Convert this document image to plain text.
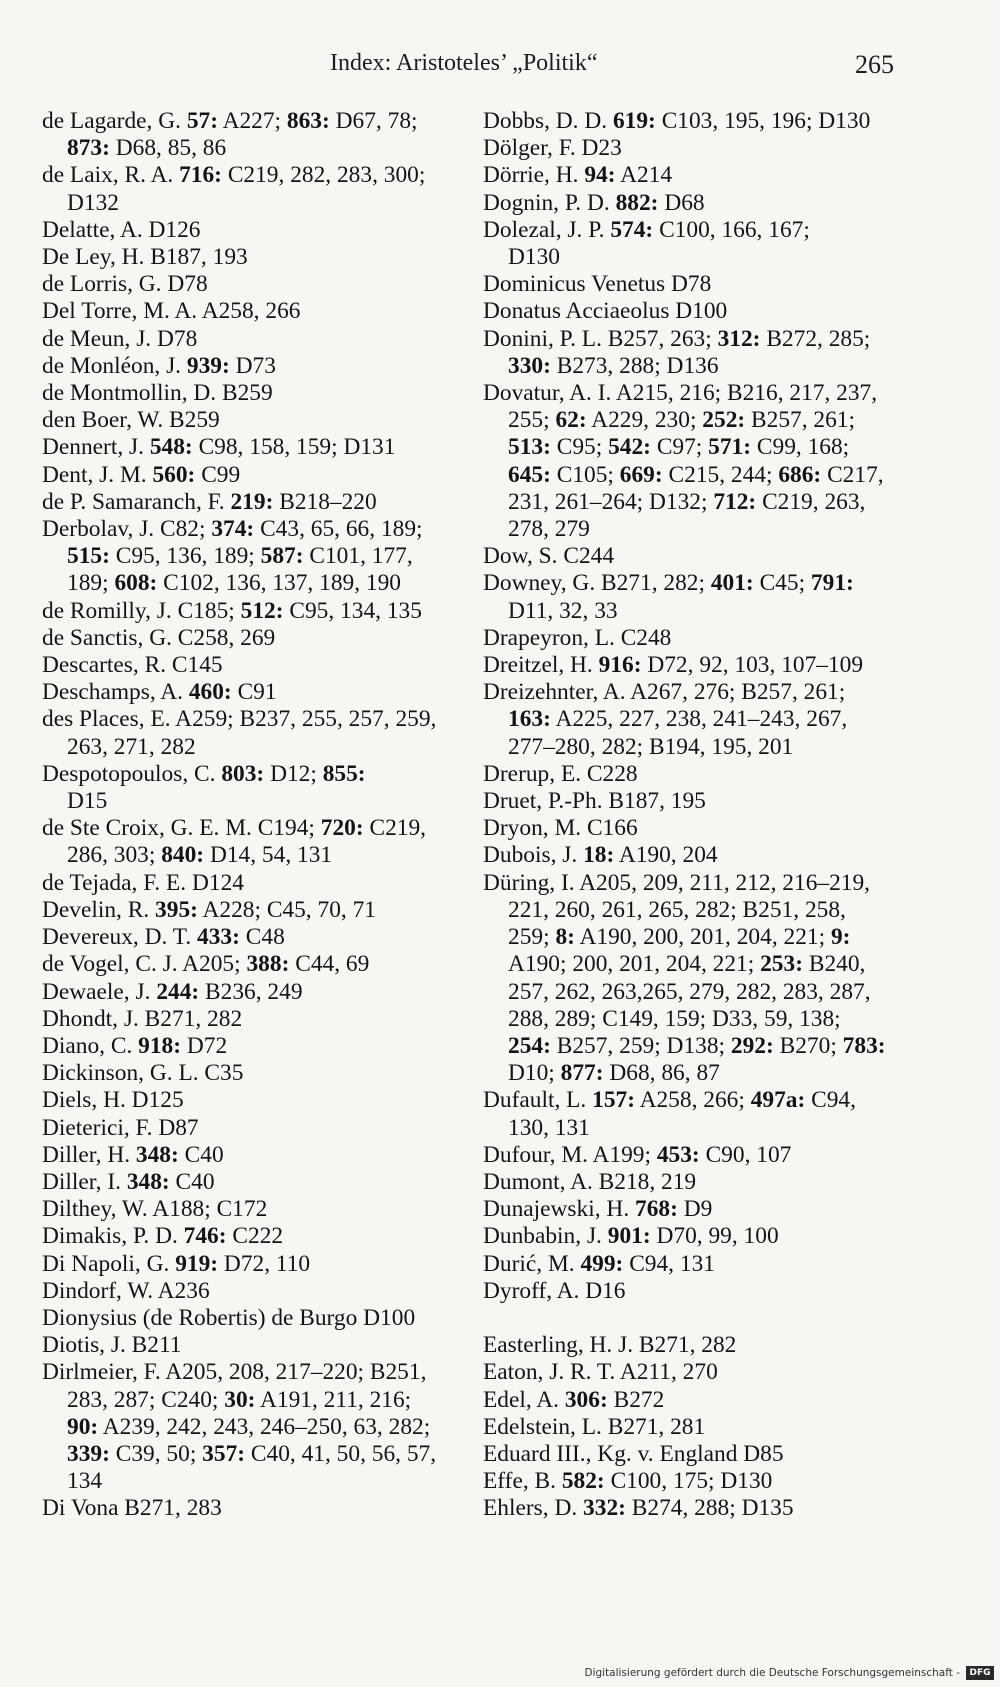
Index: Aristoteles’ „Politik“	265
de Lagarde, G. 57: A227; 863: D67, 78;
873: D68, 85, 86
de Laix, R. A. 716: C219, 282, 283, 300;
D132
Delatte, A. D126
De Ley, H. B187, 193
de Lorris, G. D78
Del Torre, M. A. A258, 266
de Meun, J. D78
de Monléon, J. 939: D73
de Montmollin, D. B259
den Boer, W. B259
Dennert, J. 548: C98, 158, 159; D131
Dent, J. M. 560: C99
de P. Samaranch, F. 219: B218–220
Derbolav, J. C82; 374: C43, 65, 66, 189;
515: C95, 136, 189; 587: C101, 177,
189; 608: C102, 136, 137, 189, 190
de Romilly, J. C185; 512: C95, 134, 135
de Sanctis, G. C258, 269
Descartes, R. C145
Deschamps, A. 460: C91
des Places, E. A259; B237, 255, 257, 259,
263, 271, 282
Despotopoulos, C. 803: D12; 855:
D15
de Ste Croix, G. E. M. C194; 720: C219,
286, 303; 840: D14, 54, 131
de Tejada, F. E. D124
Develin, R. 395: A228; C45, 70, 71
Devereux, D. T. 433: C48
de Vogel, C. J. A205; 388: C44, 69
Dewaele, J. 244: B236, 249
Dhondt, J. B271, 282
Diano, C. 918: D72
Dickinson, G. L. C35
Diels, H. D125
Dieterici, F. D87
Diller, H. 348: C40
Diller, I. 348: C40
Dilthey, W. A188; C172
Dimakis, P. D. 746: C222
Di Napoli, G. 919: D72, 110
Dindorf, W. A236
Dionysius (de Robertis) de Burgo D100
Diotis, J. B211
Dirlmeier, F. A205, 208, 217–220; B251,
283, 287; C240; 30: A191, 211, 216;
90: A239, 242, 243, 246–250, 63, 282;
339: C39, 50; 357: C40, 41, 50, 56, 57,
134
Di Vona B271, 283
Dobbs, D. D. 619: C103, 195, 196; D130
Dölger, F. D23
Dörrie, H. 94: A214
Dognin, P. D. 882: D68
Dolezal, J. P. 574: C100, 166, 167;
D130
Dominicus Venetus D78
Donatus Acciaeolus D100
Donini, P. L. B257, 263; 312: B272, 285;
330: B273, 288; D136
Dovatur, A. I. A215, 216; B216, 217, 237,
255; 62: A229, 230; 252: B257, 261;
513: C95; 542: C97; 571: C99, 168;
645: C105; 669: C215, 244; 686: C217,
231, 261–264; D132; 712: C219, 263,
278, 279
Dow, S. C244
Downey, G. B271, 282; 401: C45; 791:
D11, 32, 33
Drapeyron, L. C248
Dreitzel, H. 916: D72, 92, 103, 107–109
Dreizehnter, A. A267, 276; B257, 261;
163: A225, 227, 238, 241–243, 267,
277–280, 282; B194, 195, 201
Drerup, E. C228
Druet, P.-Ph. B187, 195
Dryon, M. C166
Dubois, J. 18: A190, 204
Düring, I. A205, 209, 211, 212, 216–219,
221, 260, 261, 265, 282; B251, 258,
259; 8: A190, 200, 201, 204, 221; 9:
A190; 200, 201, 204, 221; 253: B240,
257, 262, 263,265, 279, 282, 283, 287,
288, 289; C149, 159; D33, 59, 138;
254: B257, 259; D138; 292: B270; 783:
D10; 877: D68, 86, 87
Dufault, L. 157: A258, 266; 497a: C94,
130, 131
Dufour, M. A199; 453: C90, 107
Dumont, A. B218, 219
Dunajewski, H. 768: D9
Dunbabin, J. 901: D70, 99, 100
Durić, M. 499: C94, 131
Dyroff, A. D16
Easterling, H. J. B271, 282
Eaton, J. R. T. A211, 270
Edel, A. 306: B272
Edelstein, L. B271, 281
Eduard III., Kg. v. England D85
Effe, B. 582: C100, 175; D130
Ehlers, D. 332: B274, 288; D135
Digitalisierung gefördert durch die Deutsche Forschungsgemeinschaft -	DFG
